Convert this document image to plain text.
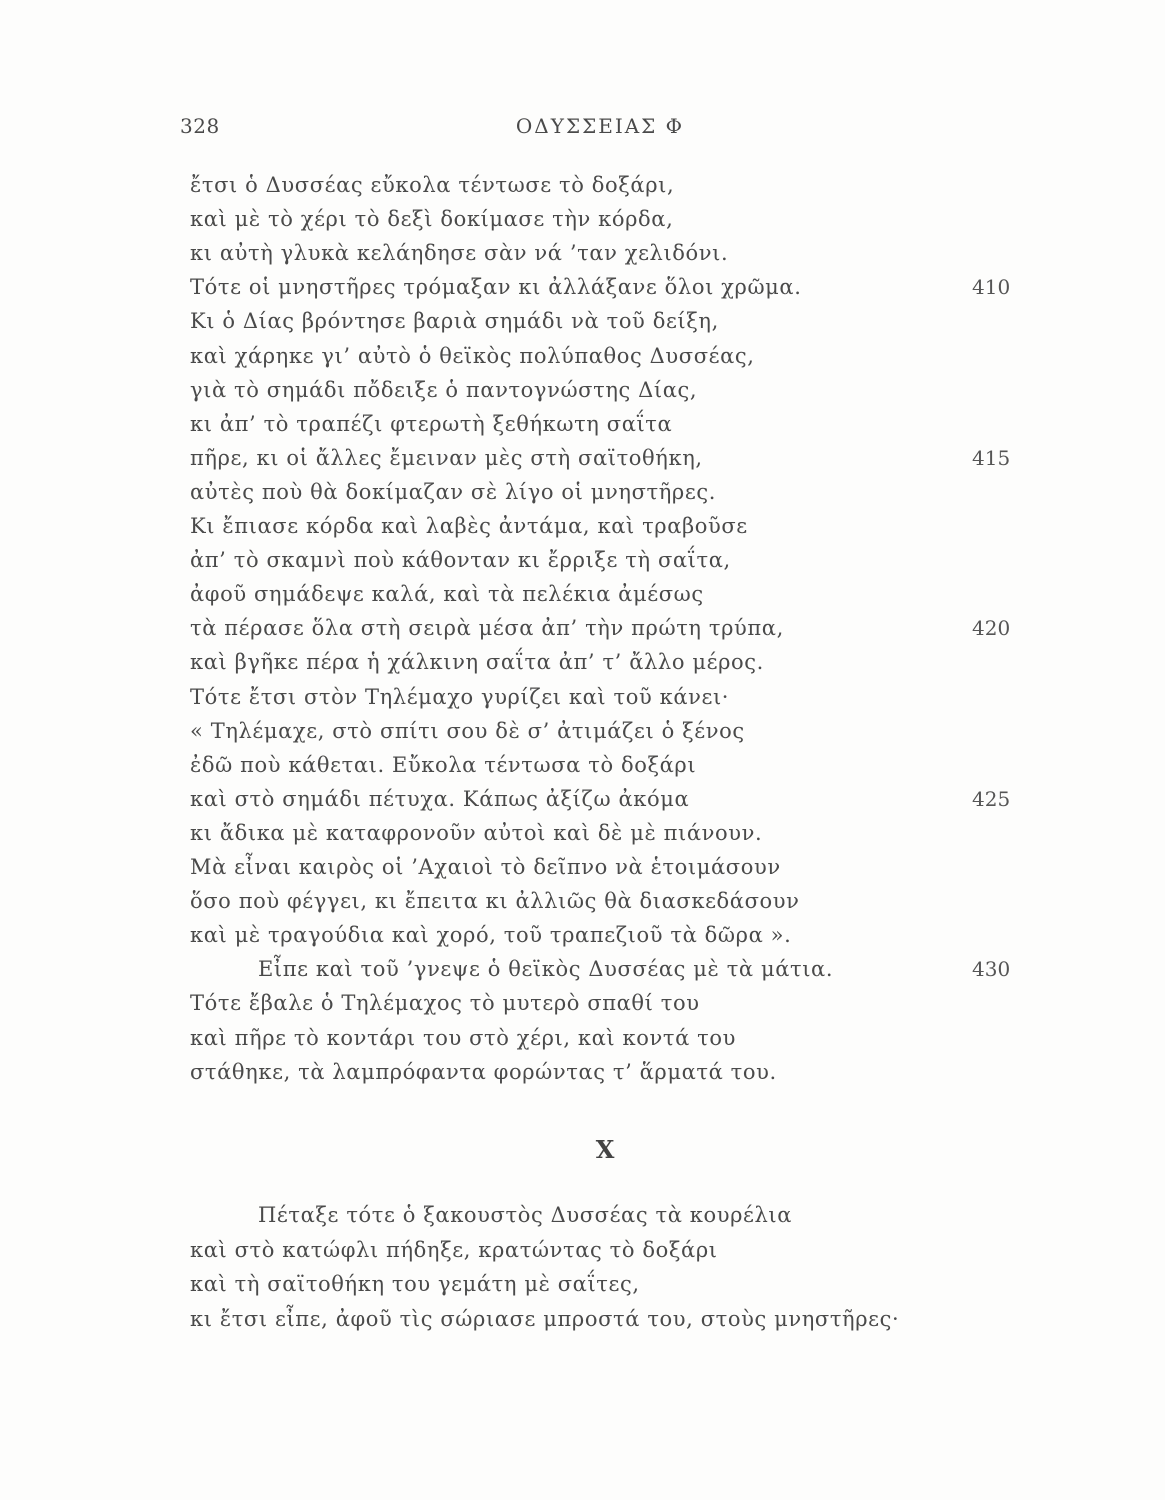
328	ΟΔΥΣΣΕΙΑΣ Φ
ἔτσι ὁ Δυσσέας εὔκολα τέντωσε τὸ δοξάρι,
καὶ μὲ τὸ χέρι τὸ δεξὶ δοκίμασε τὴν κόρδα,
κι αὐτὴ γλυκὰ κελάηδησε σὰν νά ’ταν χελιδόνι.
Τότε οἱ μνηστῆρες τρόμαξαν κι ἀλλάξανε ὅλοι χρῶμα.	410
Κι ὁ Δίας βρόντησε βαριὰ σημάδι νὰ τοῦ δείξη,
καὶ χάρηκε γι’ αὐτὸ ὁ θεϊκὸς πολύπαθος Δυσσέας,
γιὰ τὸ σημάδι πὄδειξε ὁ παντογνώστης Δίας,
κι ἀπ’ τὸ τραπέζι φτερωτὴ ξεθήκωτη σαΐτα
πῆρε, κι οἱ ἄλλες ἔμειναν μὲς στὴ σαϊτοθήκη,	415
αὐτὲς ποὺ θὰ δοκίμαζαν σὲ λίγο οἱ μνηστῆρες.
Κι ἔπιασε κόρδα καὶ λαβὲς ἀντάμα, καὶ τραβοῦσε
ἀπ’ τὸ σκαμνὶ ποὺ κάθονταν κι ἔρριξε τὴ σαΐτα,
ἀφοῦ σημάδεψε καλά, καὶ τὰ πελέκια ἀμέσως
τὰ πέρασε ὅλα στὴ σειρὰ μέσα ἀπ’ τὴν πρώτη τρύπα,	420
καὶ βγῆκε πέρα ἡ χάλκινη σαΐτα ἀπ’ τ’ ἄλλο μέρος.
Τότε ἔτσι στὸν Τηλέμαχο γυρίζει καὶ τοῦ κάνει·
« Τηλέμαχε, στὸ σπίτι σου δὲ σ’ ἀτιμάζει ὁ ξένος
ἐδῶ ποὺ κάθεται. Εὔκολα τέντωσα τὸ δοξάρι
καὶ στὸ σημάδι πέτυχα. Κάπως ἀξίζω ἀκόμα	425
κι ἄδικα μὲ καταφρονοῦν αὐτοὶ καὶ δὲ μὲ πιάνουν.
Μὰ εἶναι καιρὸς οἱ ’Αχαιοὶ τὸ δεῖπνο νὰ ἑτοιμάσουν
ὅσο ποὺ φέγγει, κι ἔπειτα κι ἀλλιῶς θὰ διασκεδάσουν
καὶ μὲ τραγούδια καὶ χορό, τοῦ τραπεζιοῦ τὰ δῶρα ».
Εἶπε καὶ τοῦ ’γνεψε ὁ θεϊκὸς Δυσσέας μὲ τὰ μάτια.	430
Τότε ἔβαλε ὁ Τηλέμαχος τὸ μυτερὸ σπαθί του
καὶ πῆρε τὸ κοντάρι του στὸ χέρι, καὶ κοντά του
στάθηκε, τὰ λαμπρόφαντα φορώντας τ’ ἅρματά του.
Χ
Πέταξε τότε ὁ ξακουστὸς Δυσσέας τὰ κουρέλια
καὶ στὸ κατώφλι πήδηξε, κρατώντας τὸ δοξάρι
καὶ τὴ σαϊτοθήκη του γεμάτη μὲ σαΐτες,
κι ἔτσι εἶπε, ἀφοῦ τὶς σώριασε μπροστά του, στοὺς μνηστῆρες·
